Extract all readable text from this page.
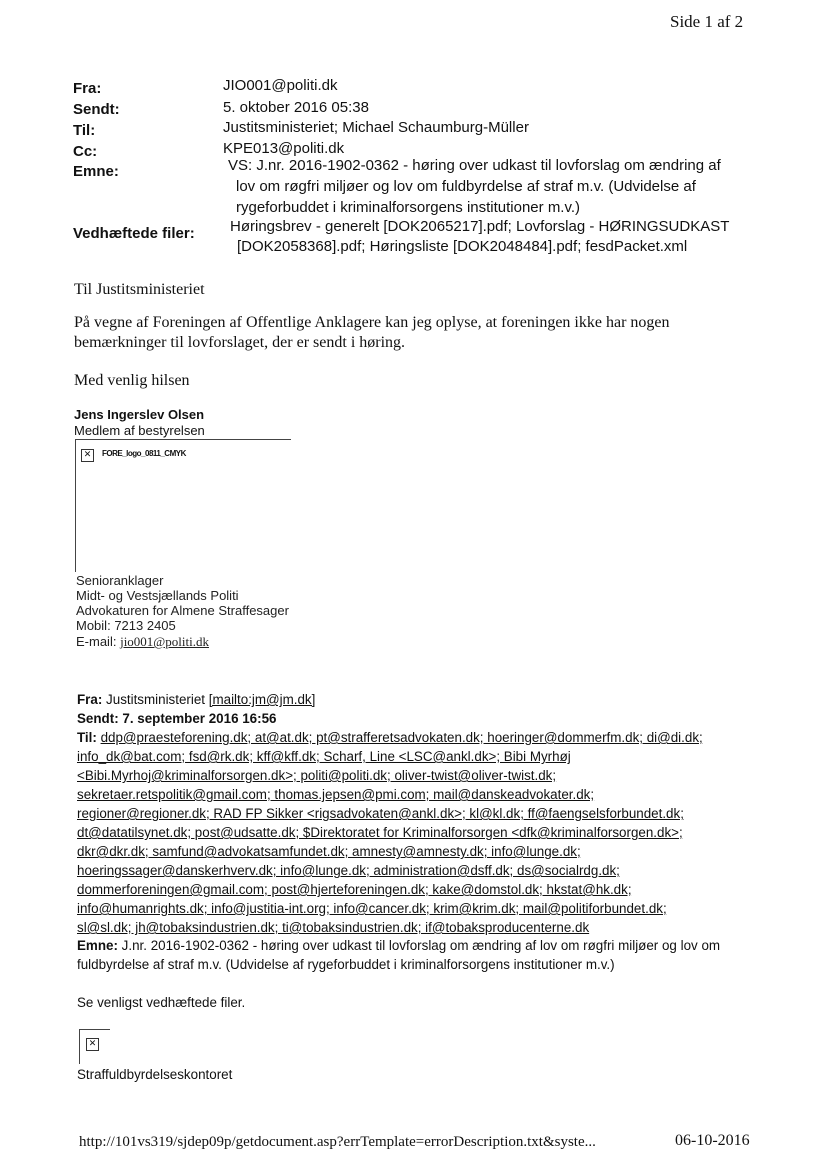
Side 1 af 2
Fra:	JIO001@politi.dk
Sendt:	5. oktober 2016 05:38
Til:	Justitsministeriet; Michael Schaumburg-Müller
Cc:	KPE013@politi.dk
Emne:	VS: J.nr. 2016-1902-0362 - høring over udkast til lovforslag om ændring af
lov om røgfri miljøer og lov om fuldbyrdelse af straf m.v. (Udvidelse af
rygeforbuddet i kriminalforsorgens institutioner m.v.)
Vedhæftede filer: Høringsbrev - generelt [DOK2065217].pdf; Lovforslag - HØRINGSUDKAST
[DOK2058368].pdf; Høringsliste [DOK2048484].pdf; fesdPacket.xml
Til Justitsministeriet
På vegne af Foreningen af Offentlige Anklagere kan jeg oplyse, at foreningen ikke har nogen
bemærkninger til lovforslaget, der er sendt i høring.
Med venlig hilsen
Jens Ingerslev Olsen
Medlem af bestyrelsen
✕	FORE_logo_0811_CMYK
Senioranklager
Midt- og Vestsjællands Politi
Advokaturen for Almene Straffesager
Mobil: 7213 2405
E-mail: jio001@politi.dk
Fra: Justitsministeriet [mailto:jm@jm.dk]
Sendt: 7. september 2016 16:56
Til: ddp@praesteforening.dk; at@at.dk; pt@strafferetsadvokaten.dk; hoeringer@dommerfm.dk; di@di.dk;
info_dk@bat.com; fsd@rk.dk; kff@kff.dk; Scharf, Line <LSC@ankl.dk>; Bibi Myrhøj
<Bibi.Myrhoj@kriminalforsorgen.dk>; politi@politi.dk; oliver-twist@oliver-twist.dk;
sekretaer.retspolitik@gmail.com; thomas.jepsen@pmi.com; mail@danskeadvokater.dk;
regioner@regioner.dk; RAD FP Sikker <rigsadvokaten@ankl.dk>; kl@kl.dk; ff@faengselsforbundet.dk;
dt@datatilsynet.dk; post@udsatte.dk; $Direktoratet for Kriminalforsorgen <dfk@kriminalforsorgen.dk>;
dkr@dkr.dk; samfund@advokatsamfundet.dk; amnesty@amnesty.dk; info@lunge.dk;
hoeringssager@danskerhverv.dk; info@lunge.dk; administration@dsff.dk; ds@socialrdg.dk;
dommerforeningen@gmail.com; post@hjerteforeningen.dk; kake@domstol.dk; hkstat@hk.dk;
info@humanrights.dk; info@justitia-int.org; info@cancer.dk; krim@krim.dk; mail@politiforbundet.dk;
sl@sl.dk; jh@tobaksindustrien.dk; ti@tobaksindustrien.dk; if@tobaksproducenterne.dk
Emne: J.nr. 2016-1902-0362 - høring over udkast til lovforslag om ændring af lov om røgfri miljøer og lov om
fuldbyrdelse af straf m.v. (Udvidelse af rygeforbuddet i kriminalforsorgens institutioner m.v.)
Se venligst vedhæftede filer.
✕
Straffuldbyrdelseskontoret
http://101vs319/sjdep09p/getdocument.asp?errTemplate=errorDescription.txt&syste...	06-10-2016
